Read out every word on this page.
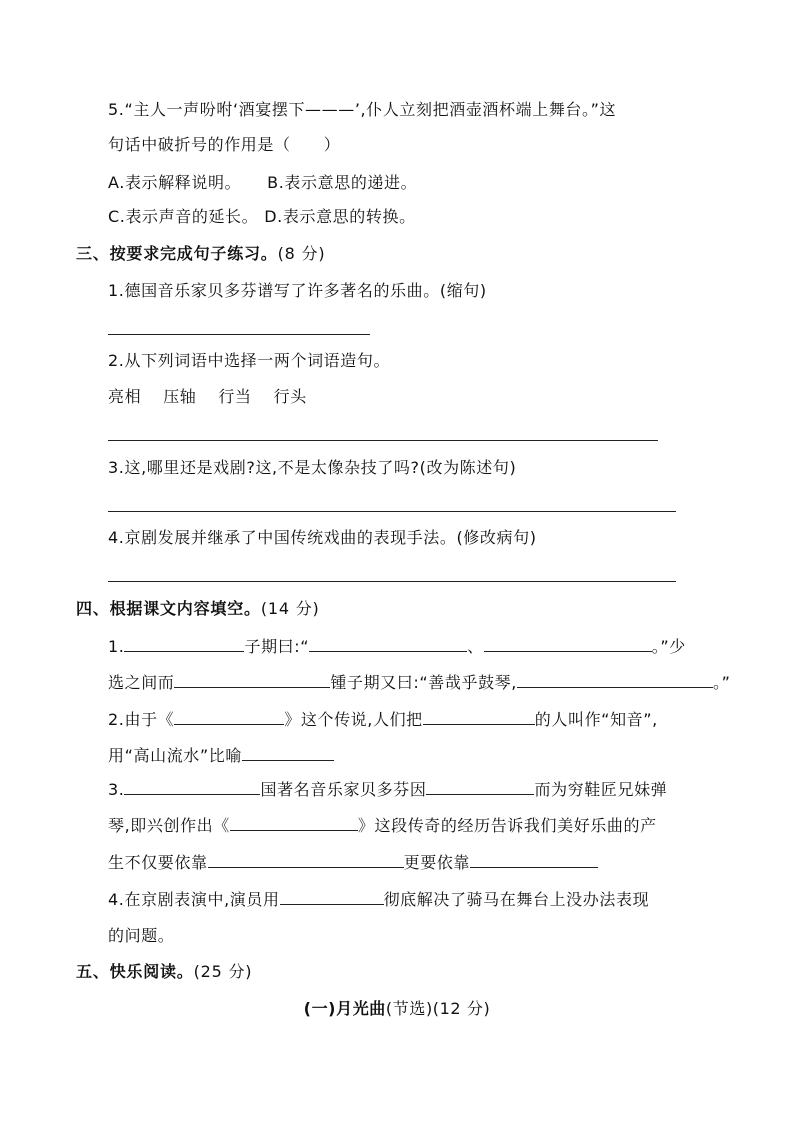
5.“主人一声吩咐‘酒宴摆下———’,仆人立刻把酒壶酒杯端上舞台。”这
句话中破折号的作用是（　　）
A.表示解释说明。 B.表示意思的递进。
C.表示声音的延长。 D.表示意思的转换。
三、按要求完成句子练习。(8 分)
1.德国音乐家贝多芬谱写了许多著名的乐曲。(缩句)
2.从下列词语中选择一两个词语造句。
亮相 压轴 行当 行头
3.这,哪里还是戏剧?这,不是太像杂技了吗?(改为陈述句)
4.京剧发展并继承了中国传统戏曲的表现手法。(修改病句)
四、根据课文内容填空。(14 分)
1.	子期曰:“	、	。”少
选之间而	锺子期又曰:“善哉乎鼓琴,	。”
2.由于《	》这个传说,人们把	的人叫作“知音”,
用“高山流水”比喻
3.	国著名音乐家贝多芬因	而为穷鞋匠兄妹弹
琴,即兴创作出《	》这段传奇的经历告诉我们美好乐曲的产
生不仅要依靠	更要依靠
4.在京剧表演中,演员用	彻底解决了骑马在舞台上没办法表现
的问题。
五、快乐阅读。(25 分)
(一)月光曲(节选)(12 分)
